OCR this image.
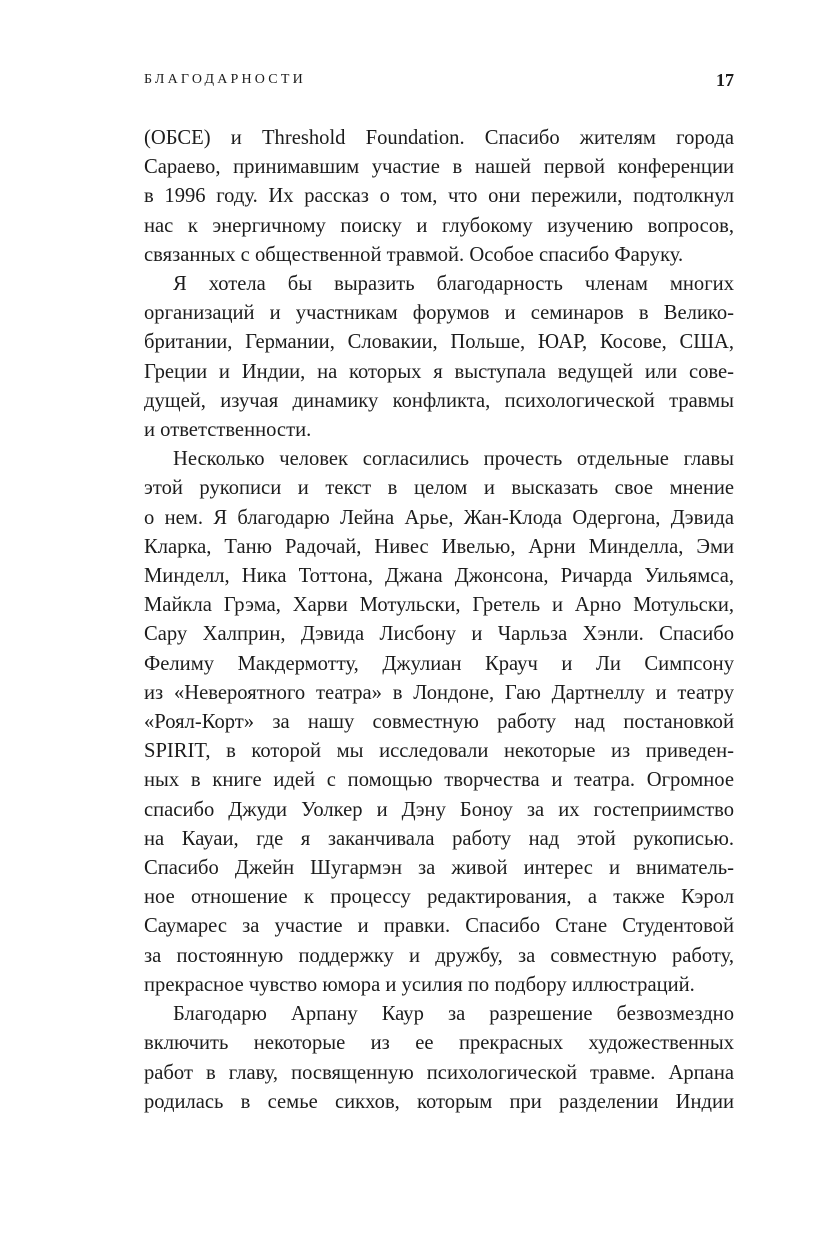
БЛАГОДАРНОСТИ	17
(ОБСЕ) и Threshold Foundation. Спасибо жителям города
Сараево, принимавшим участие в нашей первой конференции
в 1996 году. Их рассказ о том, что они пережили, подтолкнул
нас к энергичному поиску и глубокому изучению вопросов,
связанных с общественной травмой. Особое спасибо Фаруку.
Я хотела бы выразить благодарность членам многих
организаций и участникам форумов и семинаров в Велико-
британии, Германии, Словакии, Польше, ЮАР, Косове, США,
Греции и Индии, на которых я выступала ведущей или сове-
дущей, изучая динамику конфликта, психологической травмы
и ответственности.
Несколько человек согласились прочесть отдельные главы
этой рукописи и текст в целом и высказать свое мнение
о нем. Я благодарю Лейна Арье, Жан-Клода Одергона, Дэвида
Кларка, Таню Радочай, Нивес Ивелью, Арни Минделла, Эми
Минделл, Ника Тоттона, Джана Джонсона, Ричарда Уильямса,
Майкла Грэма, Харви Мотульски, Гретель и Арно Мотульски,
Сару Халприн, Дэвида Лисбону и Чарльза Хэнли. Спасибо
Фелиму Макдермотту, Джулиан Крауч и Ли Симпсону
из «Невероятного театра» в Лондоне, Гаю Дартнеллу и театру
«Роял-Корт» за нашу совместную работу над постановкой
SPIRIT, в которой мы исследовали некоторые из приведен-
ных в книге идей с помощью творчества и театра. Огромное
спасибо Джуди Уолкер и Дэну Боноу за их гостеприимство
на Кауаи, где я заканчивала работу над этой рукописью.
Спасибо Джейн Шугармэн за живой интерес и вниматель-
ное отношение к процессу редактирования, а также Кэрол
Саумарес за участие и правки. Спасибо Стане Студентовой
за постоянную поддержку и дружбу, за совместную работу,
прекрасное чувство юмора и усилия по подбору иллюстраций.
Благодарю Арпану Каур за разрешение безвозмездно
включить некоторые из ее прекрасных художественных
работ в главу, посвященную психологической травме. Арпана
родилась в семье сикхов, которым при разделении Индии
